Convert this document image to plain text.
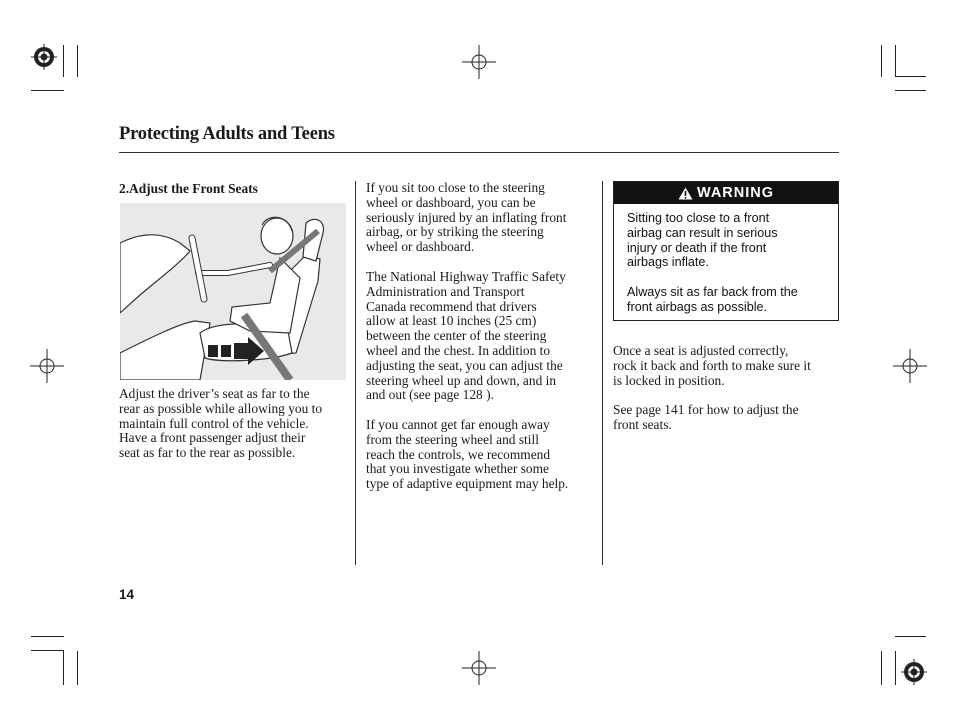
Protecting Adults and Teens
2.Adjust the Front Seats
Adjust the driver’s seat as far to the
rear as possible while allowing you to
maintain full control of the vehicle.
Have a front passenger adjust their
seat as far to the rear as possible.
If you sit too close to the steering
wheel or dashboard, you can be
seriously injured by an inflating front
airbag, or by striking the steering
wheel or dashboard.
The National Highway Traffic Safety
Administration and Transport
Canada recommend that drivers
allow at least 10 inches (25 cm)
between the center of the steering
wheel and the chest. In addition to
adjusting the seat, you can adjust the
steering wheel up and down, and in
and out (see page 128 ).
If you cannot get far enough away
from the steering wheel and still
reach the controls, we recommend
that you investigate whether some
type of adaptive equipment may help.
WARNING
Sitting too close to a front
airbag can result in serious
injury or death if the front
airbags inflate.
Always sit as far back from the
front airbags as possible.
Once a seat is adjusted correctly,
rock it back and forth to make sure it
is locked in position.
See page 141 for how to adjust the
front seats.
14
